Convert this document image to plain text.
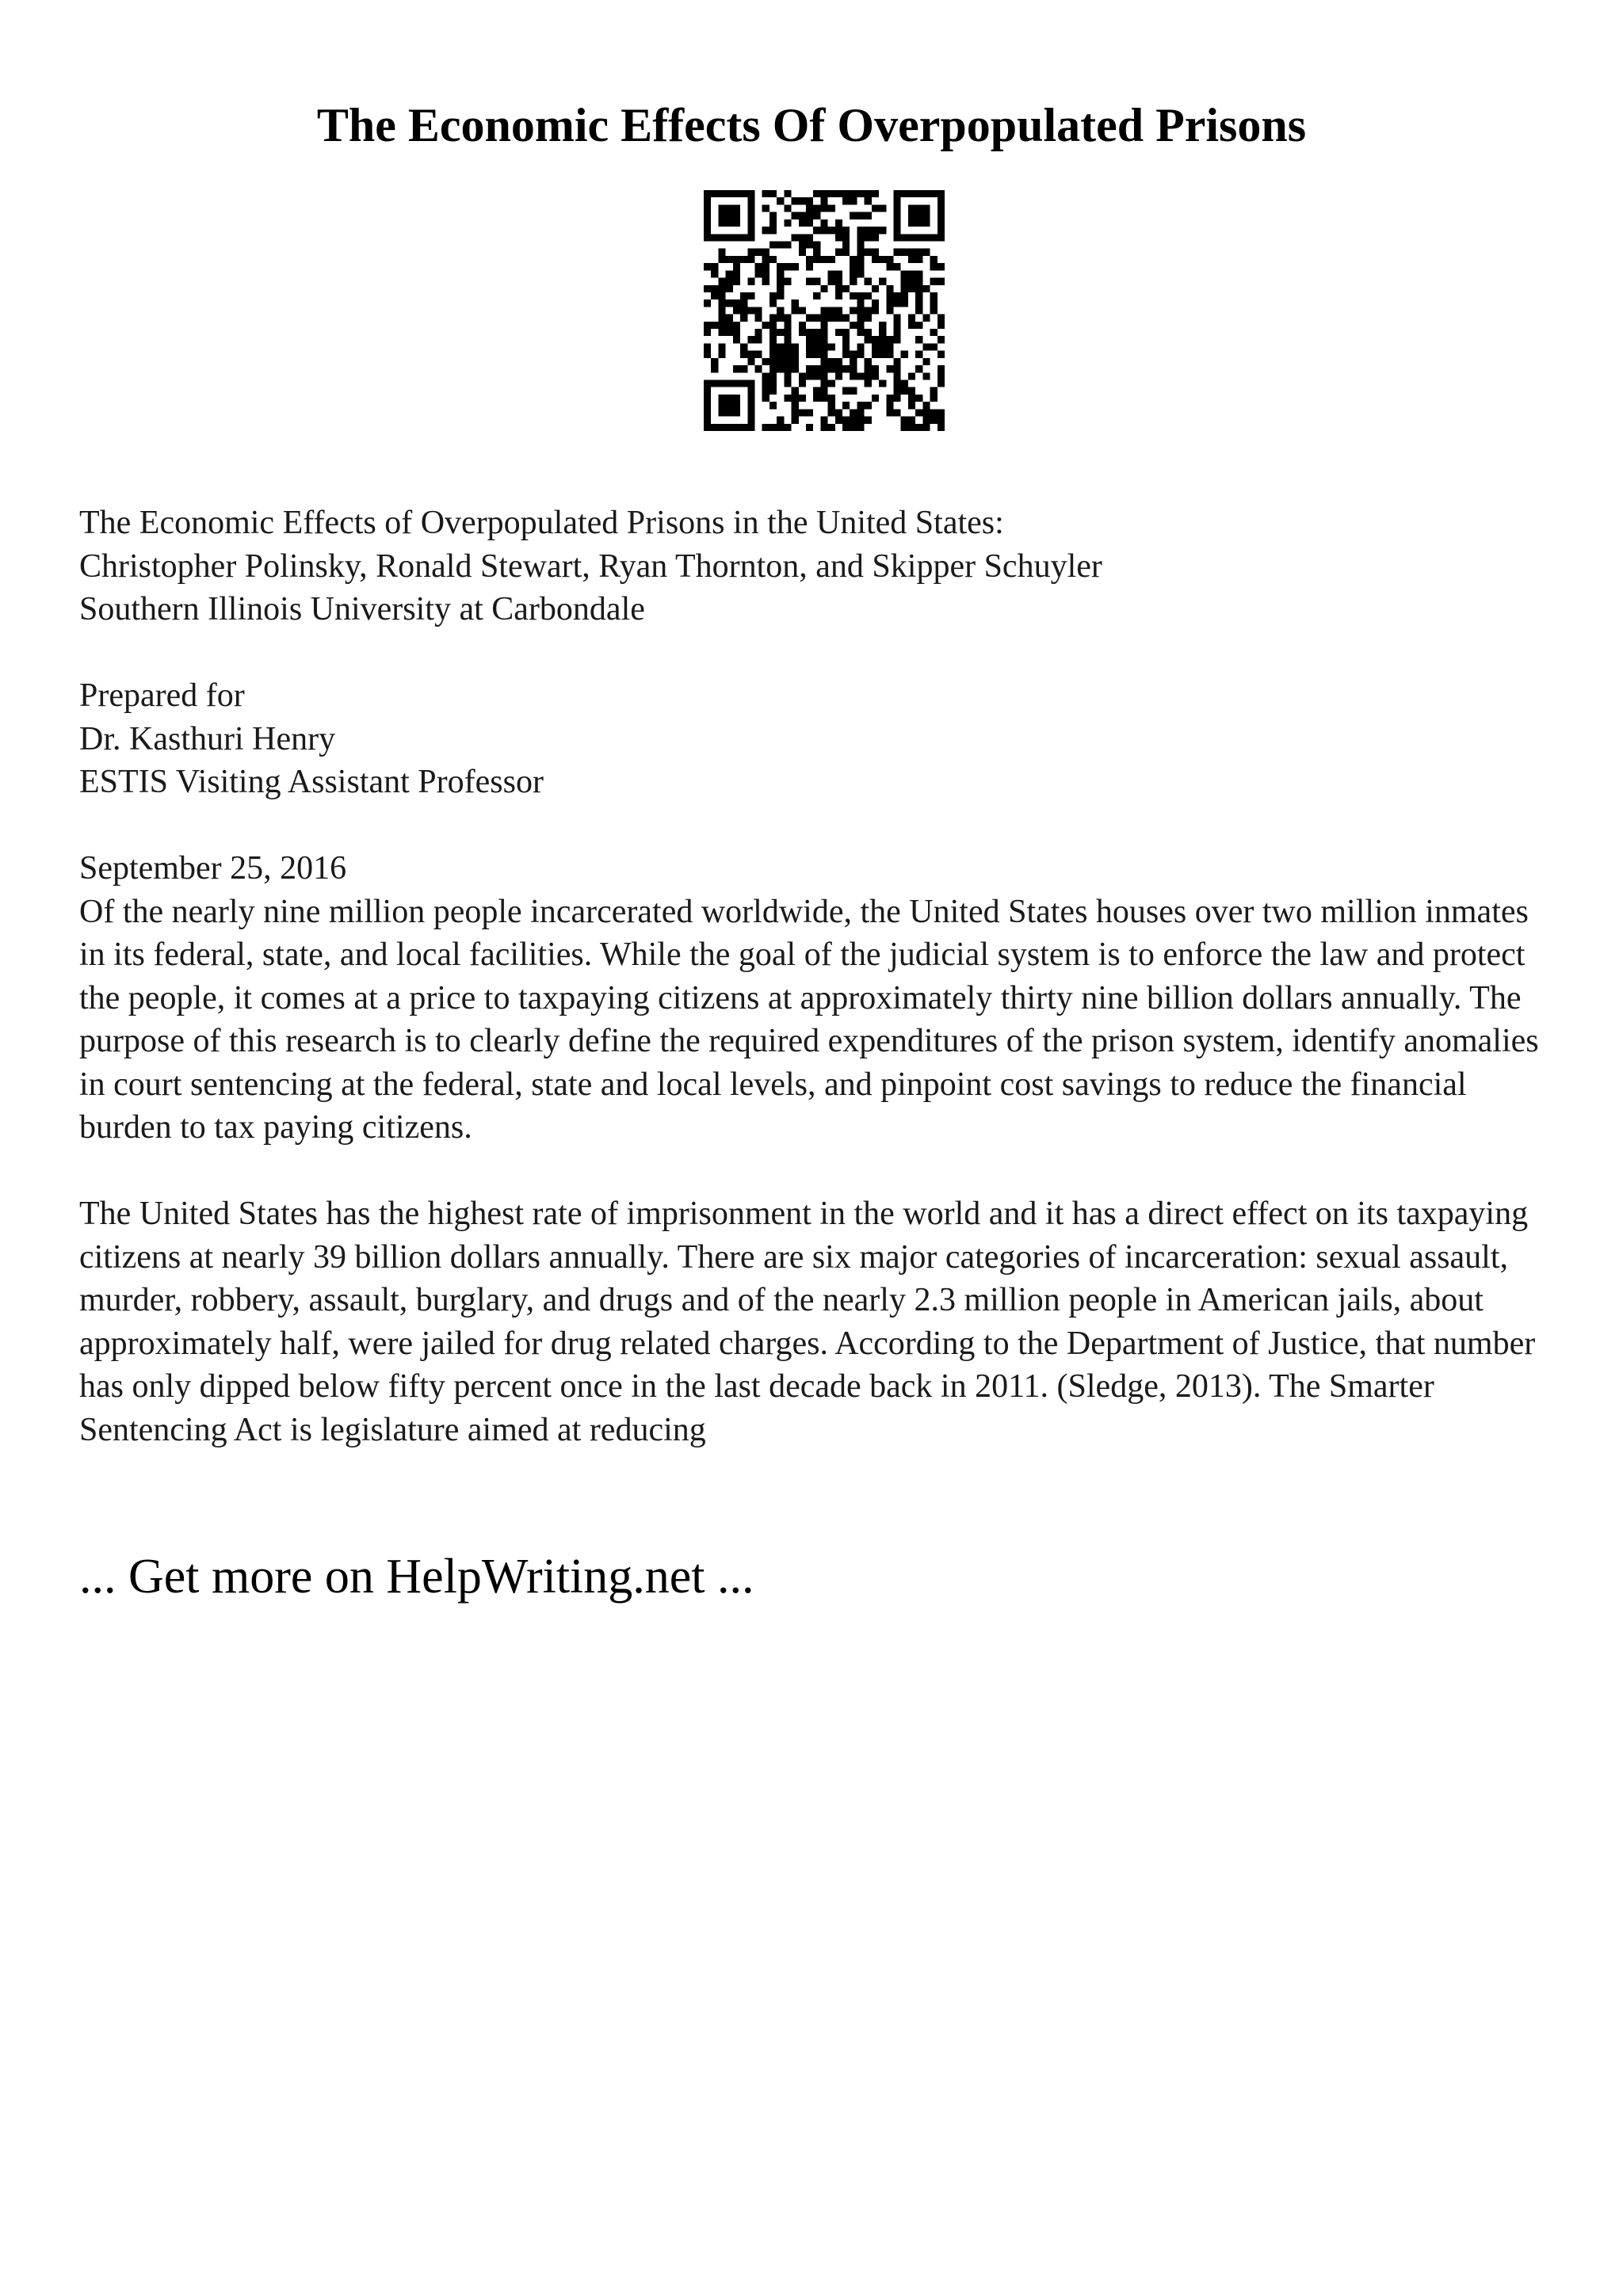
The Economic Effects Of Overpopulated Prisons

The Economic Effects of Overpopulated Prisons in the United States:

Christopher Polinsky, Ronald Stewart, Ryan Thornton, and Skipper Schuyler

Southern Illinois University at Carbondale

Prepared for

Dr. Kasthuri Henry

ESTIS Visiting Assistant Professor

September 25, 2016

Of the nearly nine million people incarcerated worldwide, the United States houses over two million inmates in its federal, state, and local facilities. While the goal of the judicial system is to enforce the law and protect the people, it comes at a price to taxpaying citizens at approximately thirty nine billion dollars annually. The purpose of this research is to clearly define the required expenditures of the prison system, identify anomalies in court sentencing at the federal, state and local levels, and pinpoint cost savings to reduce the financial burden to tax paying citizens.

The United States has the highest rate of imprisonment in the world and it has a direct effect on its taxpaying citizens at nearly 39 billion dollars annually. There are six major categories of incarceration: sexual assault, murder, robbery, assault, burglary, and drugs and of the nearly 2.3 million people in American jails, about approximately half, were jailed for drug related charges. According to the Department of Justice, that number has only dipped below fifty percent once in the last decade back in 2011. (Sledge, 2013). The Smarter Sentencing Act is legislature aimed at reducing

... Get more on HelpWriting.net ...
